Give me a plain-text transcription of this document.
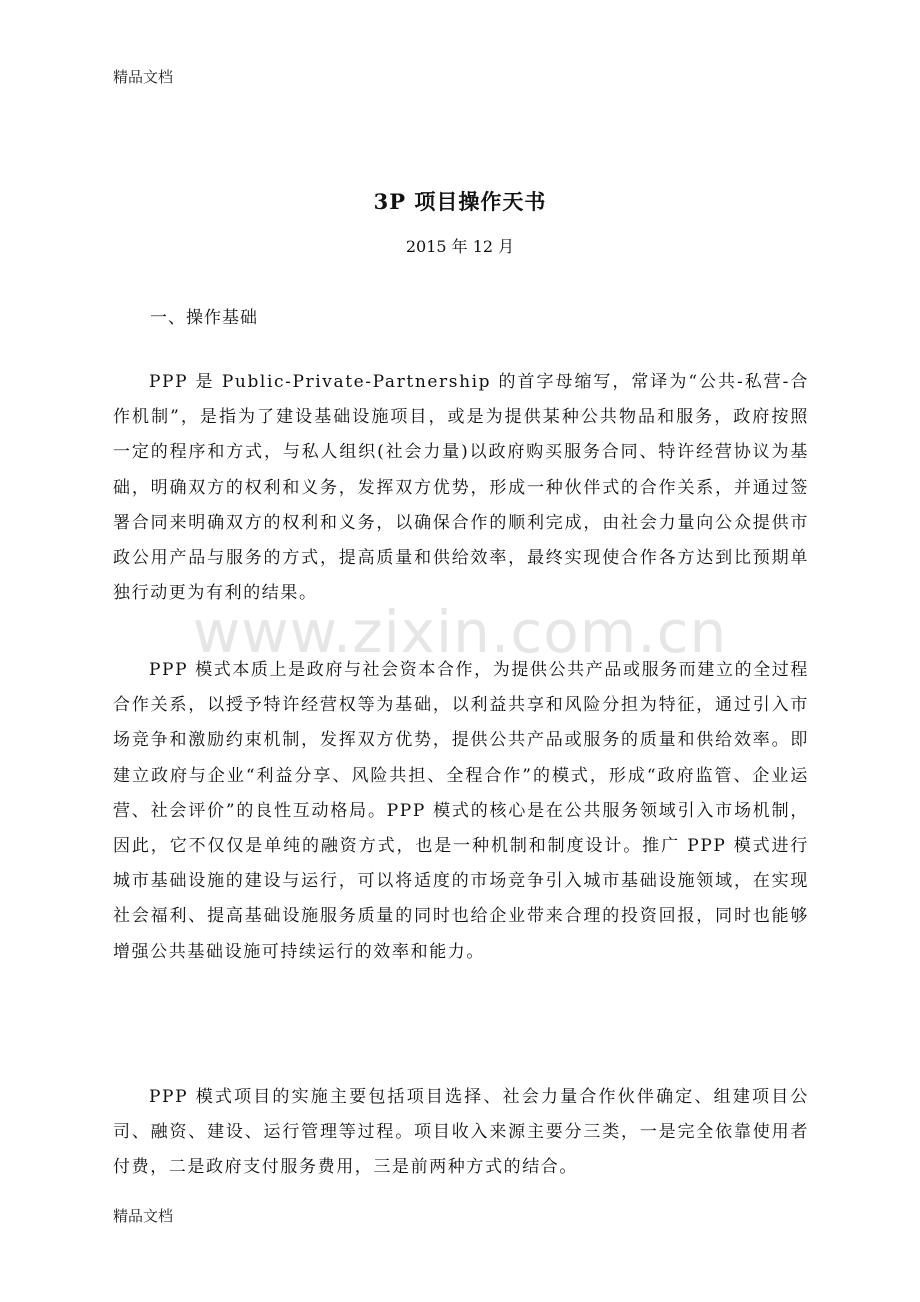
精品文档
3P 项目操作天书
2015 年 12 月
一、操作基础

PPP 是 Public-Private-Partnership 的首字母缩写，常译为“公共-私营-合作机制”，是指为了建设基础设施项目，或是为提供某种公共物品和服务，政府按照一定的程序和方式，与私人组织(社会力量)以政府购买服务合同、特许经营协议为基础，明确双方的权利和义务，发挥双方优势，形成一种伙伴式的合作关系，并通过签署合同来明确双方的权利和义务，以确保合作的顺利完成，由社会力量向公众提供市政公用产品与服务的方式，提高质量和供给效率，最终实现使合作各方达到比预期单独行动更为有利的结果。

www.zixin.com.cn

PPP 模式本质上是政府与社会资本合作，为提供公共产品或服务而建立的全过程合作关系，以授予特许经营权等为基础，以利益共享和风险分担为特征，通过引入市场竞争和激励约束机制，发挥双方优势，提供公共产品或服务的质量和供给效率。即建立政府与企业“利益分享、风险共担、全程合作”的模式，形成“政府监管、企业运营、社会评价”的良性互动格局。PPP 模式的核心是在公共服务领域引入市场机制，因此，它不仅仅是单纯的融资方式，也是一种机制和制度设计。推广 PPP 模式进行城市基础设施的建设与运行，可以将适度的市场竞争引入城市基础设施领域，在实现社会福利、提高基础设施服务质量的同时也给企业带来合理的投资回报，同时也能够增强公共基础设施可持续运行的效率和能力。

PPP 模式项目的实施主要包括项目选择、社会力量合作伙伴确定、组建项目公司、融资、建设、运行管理等过程。项目收入来源主要分三类，一是完全依靠使用者付费，二是政府支付服务费用，三是前两种方式的结合。

精品文档
